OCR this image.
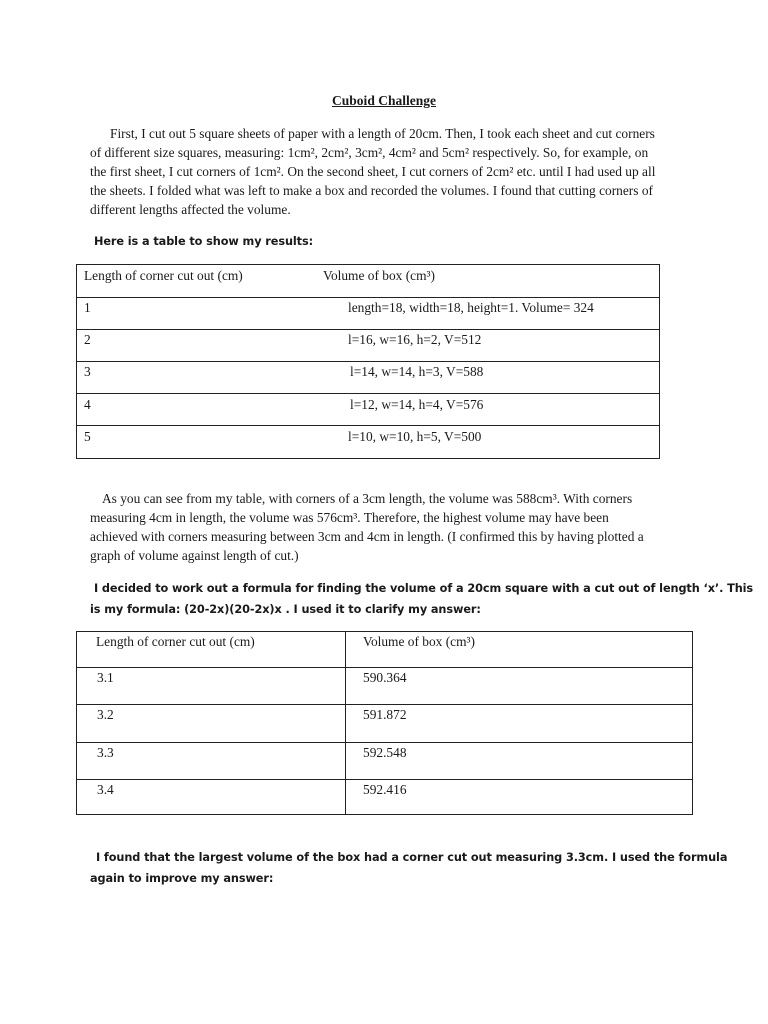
Cuboid Challenge
First, I cut out 5 square sheets of paper with a length of 20cm. Then, I took each sheet and cut corners
of different size squares, measuring: 1cm², 2cm², 3cm², 4cm² and 5cm² respectively. So, for example, on
the first sheet, I cut corners of 1cm². On the second sheet, I cut corners of 2cm² etc. until I had used up all
the sheets. I folded what was left to make a box and recorded the volumes. I found that cutting corners of
different lengths affected the volume.
Here is a table to show my results:
Length of corner cut out (cm)	Volume of box (cm³)
1	length=18, width=18, height=1. Volume= 324
2	l=16, w=16, h=2, V=512
3	l=14, w=14, h=3, V=588
4	l=12, w=14, h=4, V=576
5	l=10, w=10, h=5, V=500
As you can see from my table, with corners of a 3cm length, the volume was 588cm³. With corners
measuring 4cm in length, the volume was 576cm³. Therefore, the highest volume may have been
achieved with corners measuring between 3cm and 4cm in length. (I confirmed this by having plotted a
graph of volume against length of cut.)
I decided to work out a formula for finding the volume of a 20cm square with a cut out of length ‘x’. This
is my formula: (20-2x)(20-2x)x . I used it to clarify my answer:
Length of corner cut out (cm)	Volume of box (cm³)
3.1	590.364
3.2	591.872
3.3	592.548
3.4	592.416
I found that the largest volume of the box had a corner cut out measuring 3.3cm. I used the formula
again to improve my answer:
